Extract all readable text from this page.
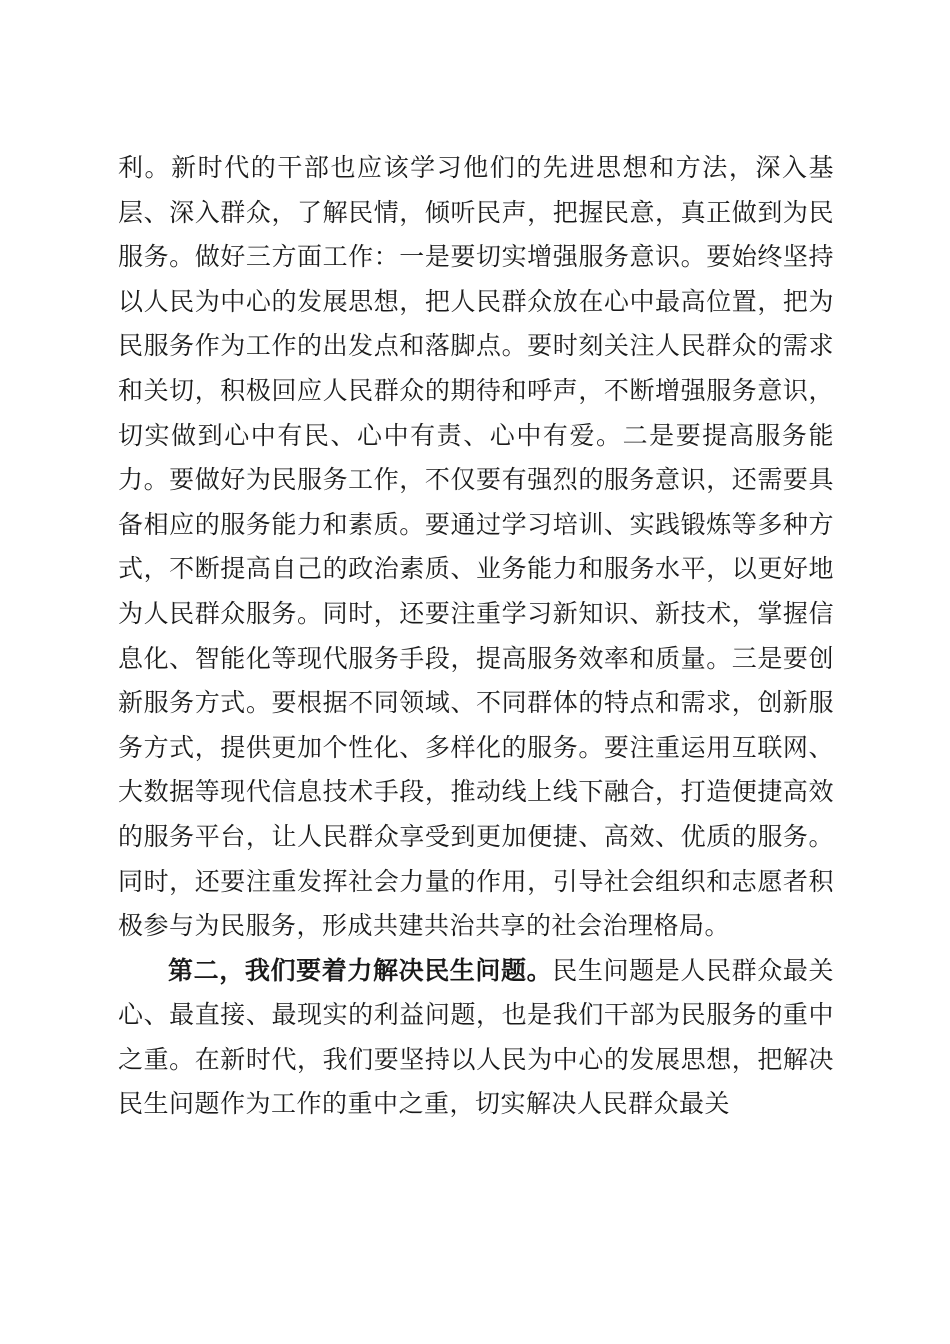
利。新时代的干部也应该学习他们的先进思想和方法，深入基层、深入群众，了解民情，倾听民声，把握民意，真正做到为民服务。做好三方面工作：一是要切实增强服务意识。要始终坚持以人民为中心的发展思想，把人民群众放在心中最高位置，把为民服务作为工作的出发点和落脚点。要时刻关注人民群众的需求和关切，积极回应人民群众的期待和呼声，不断增强服务意识，切实做到心中有民、心中有责、心中有爱。二是要提高服务能力。要做好为民服务工作，不仅要有强烈的服务意识，还需要具备相应的服务能力和素质。要通过学习培训、实践锻炼等多种方式，不断提高自己的政治素质、业务能力和服务水平，以更好地为人民群众服务。同时，还要注重学习新知识、新技术，掌握信息化、智能化等现代服务手段，提高服务效率和质量。三是要创新服务方式。要根据不同领域、不同群体的特点和需求，创新服务方式，提供更加个性化、多样化的服务。要注重运用互联网、大数据等现代信息技术手段，推动线上线下融合，打造便捷高效的服务平台，让人民群众享受到更加便捷、高效、优质的服务。同时，还要注重发挥社会力量的作用，引导社会组织和志愿者积极参与为民服务，形成共建共治共享的社会治理格局。

第二，我们要着力解决民生问题。民生问题是人民群众最关心、最直接、最现实的利益问题，也是我们干部为民服务的重中之重。在新时代，我们要坚持以人民为中心的发展思想，把解决民生问题作为工作的重中之重，切实解决人民群众最关
